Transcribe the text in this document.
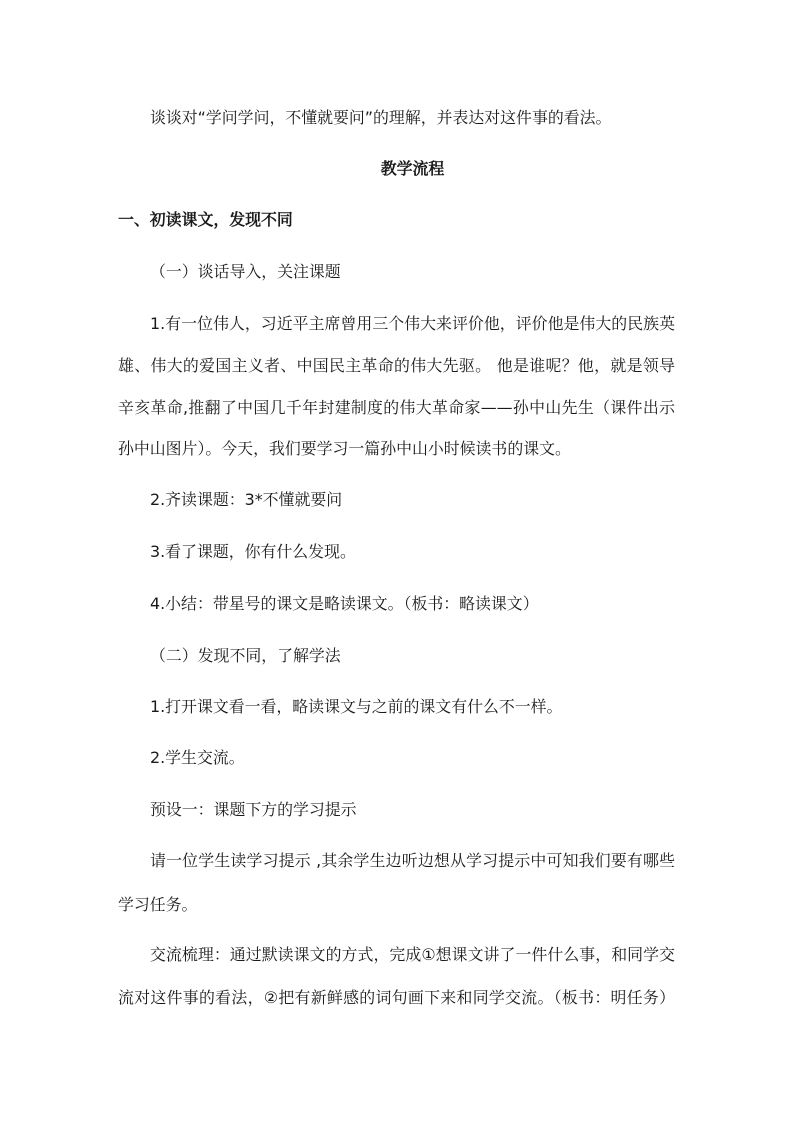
谈谈对“学问学问，不懂就要问”的理解，并表达对这件事的看法。
教学流程
一、初读课文，发现不同
（一）谈话导入，关注课题
1.有一位伟人，习近平主席曾用三个伟大来评价他，评价他是伟大的民族英
雄、伟大的爱国主义者、中国民主革命的伟大先驱。 他是谁呢？他，就是领导
辛亥革命,推翻了中国几千年封建制度的伟大革命家——孙中山先生（课件出示
孙中山图片）。今天，我们要学习一篇孙中山小时候读书的课文。
2.齐读课题：3*不懂就要问
3.看了课题，你有什么发现。
4.小结：带星号的课文是略读课文。（板书：略读课文）
（二）发现不同，了解学法
1.打开课文看一看，略读课文与之前的课文有什么不一样。
2.学生交流。
预设一：课题下方的学习提示
请一位学生读学习提示 ,其余学生边听边想从学习提示中可知我们要有哪些
学习任务。
交流梳理：通过默读课文的方式，完成①想课文讲了一件什么事，和同学交
流对这件事的看法，②把有新鲜感的词句画下来和同学交流。（板书：明任务）
